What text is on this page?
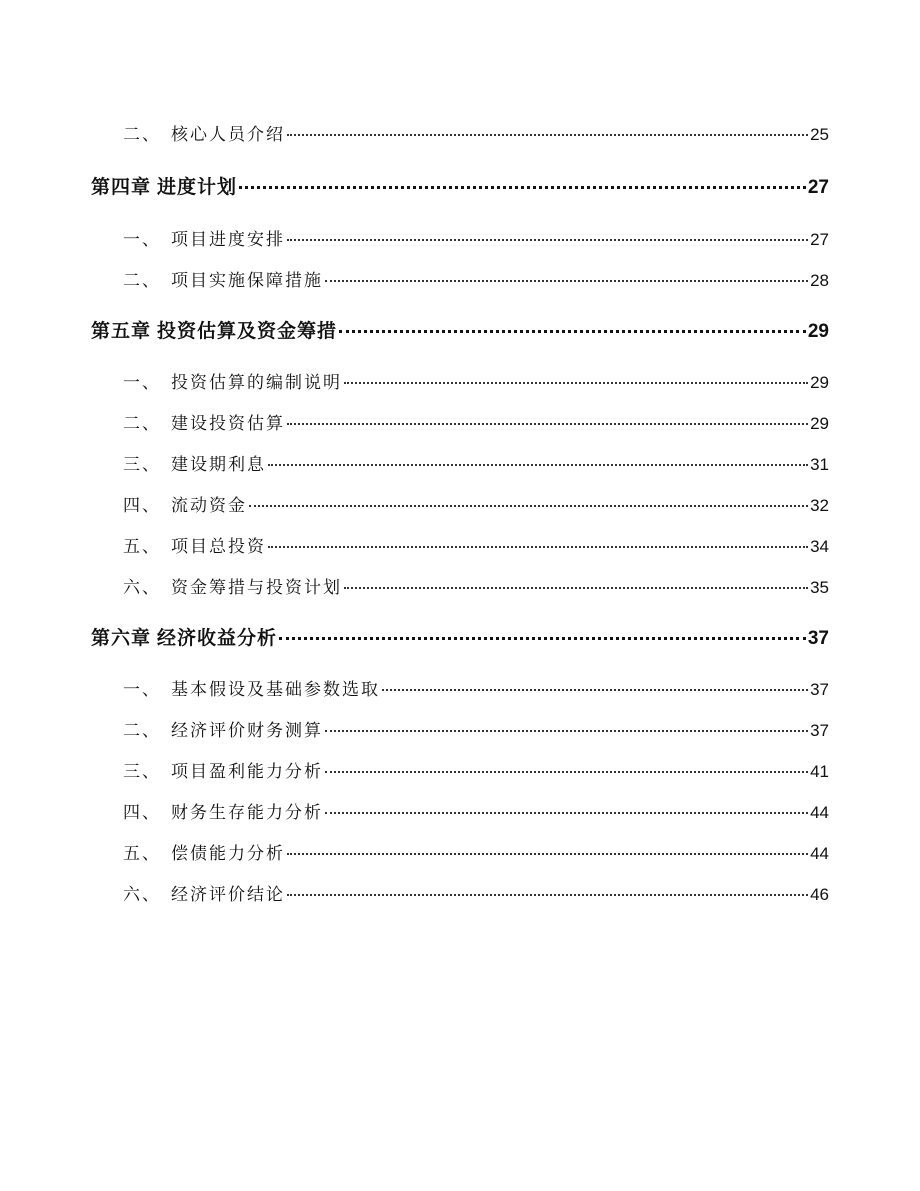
二、 核心人员介绍	25
第四章 进度计划	27
一、 项目进度安排	27
二、 项目实施保障措施	28
第五章 投资估算及资金筹措	29
一、 投资估算的编制说明	29
二、 建设投资估算	29
三、 建设期利息	31
四、 流动资金	32
五、 项目总投资	34
六、 资金筹措与投资计划	35
第六章 经济收益分析	37
一、 基本假设及基础参数选取	37
二、 经济评价财务测算	37
三、 项目盈利能力分析	41
四、 财务生存能力分析	44
五、 偿债能力分析	44
六、 经济评价结论	46
